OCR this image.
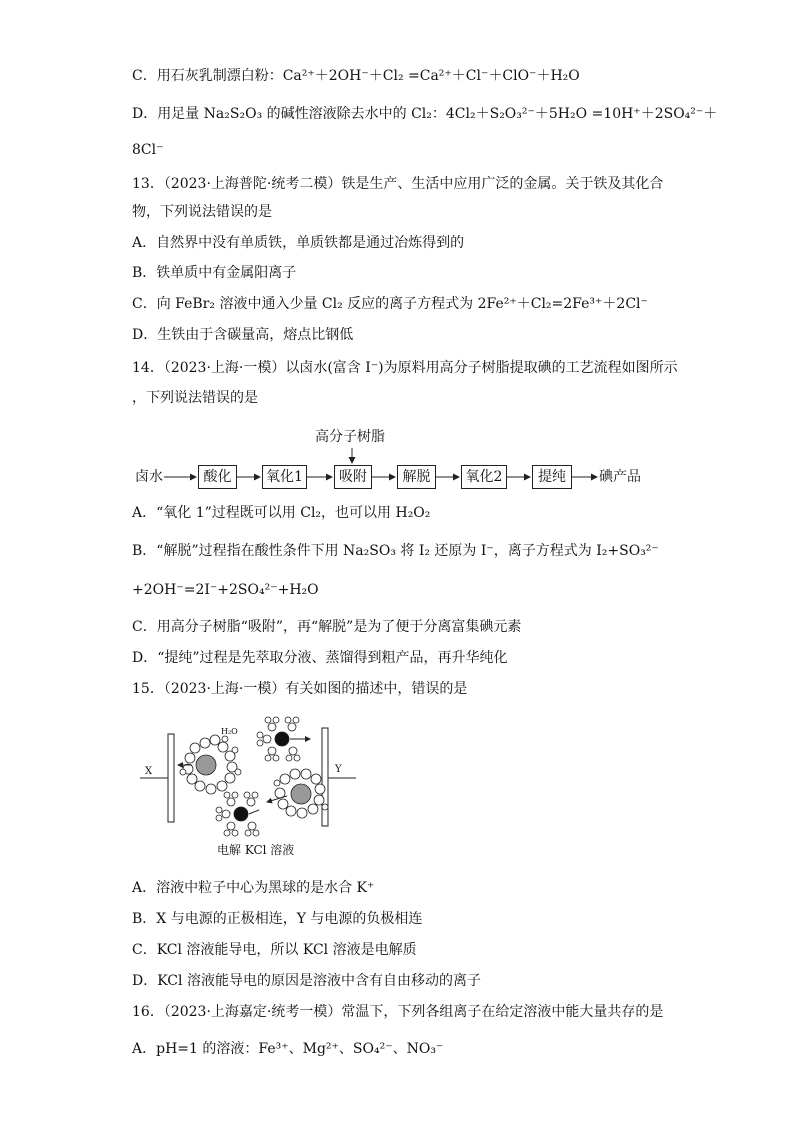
C．用石灰乳制漂白粉：Ca²⁺＋2OH⁻＋Cl₂ =Ca²⁺＋Cl⁻＋ClO⁻＋H₂O
D．用足量 Na₂S₂O₃ 的碱性溶液除去水中的 Cl₂：4Cl₂＋S₂O₃²⁻＋5H₂O =10H⁺＋2SO₄²⁻＋
8Cl⁻
13．（2023·上海普陀·统考二模）铁是生产、生活中应用广泛的金属。关于铁及其化合
物，下列说法错误的是
A．自然界中没有单质铁，单质铁都是通过冶炼得到的
B．铁单质中有金属阳离子
C．向 FeBr₂ 溶液中通入少量 Cl₂ 反应的离子方程式为 2Fe²⁺＋Cl₂=2Fe³⁺＋2Cl⁻
D．生铁由于含碳量高，熔点比钢低
14．（2023·上海·一模）以卤水(富含 I⁻)为原料用高分子树脂提取碘的工艺流程如图所示
，下列说法错误的是
高分子树脂
卤水	酸化	氧化1	吸附	解脱	氧化2	提纯	碘产品
A．“氧化 1”过程既可以用 Cl₂，也可以用 H₂O₂
B．“解脱”过程指在酸性条件下用 Na₂SO₃ 将 I₂ 还原为 I⁻，离子方程式为 I₂+SO₃²⁻
+2OH⁻=2I⁻+2SO₄²⁻+H₂O
C．用高分子树脂“吸附”，再“解脱”是为了便于分离富集碘元素
D．“提纯”过程是先萃取分液、蒸馏得到粗产品，再升华纯化
15．（2023·上海·一模）有关如图的描述中，错误的是
X	Y
H₂O
电解 KCl 溶液
A．溶液中粒子中心为黑球的是水合 K⁺
B．X 与电源的正极相连，Y 与电源的负极相连
C．KCl 溶液能导电，所以 KCl 溶液是电解质
D．KCl 溶液能导电的原因是溶液中含有自由移动的离子
16．（2023·上海嘉定·统考一模）常温下，下列各组离子在给定溶液中能大量共存的是
A．pH=1 的溶液：Fe³⁺、Mg²⁺、SO₄²⁻、NO₃⁻
